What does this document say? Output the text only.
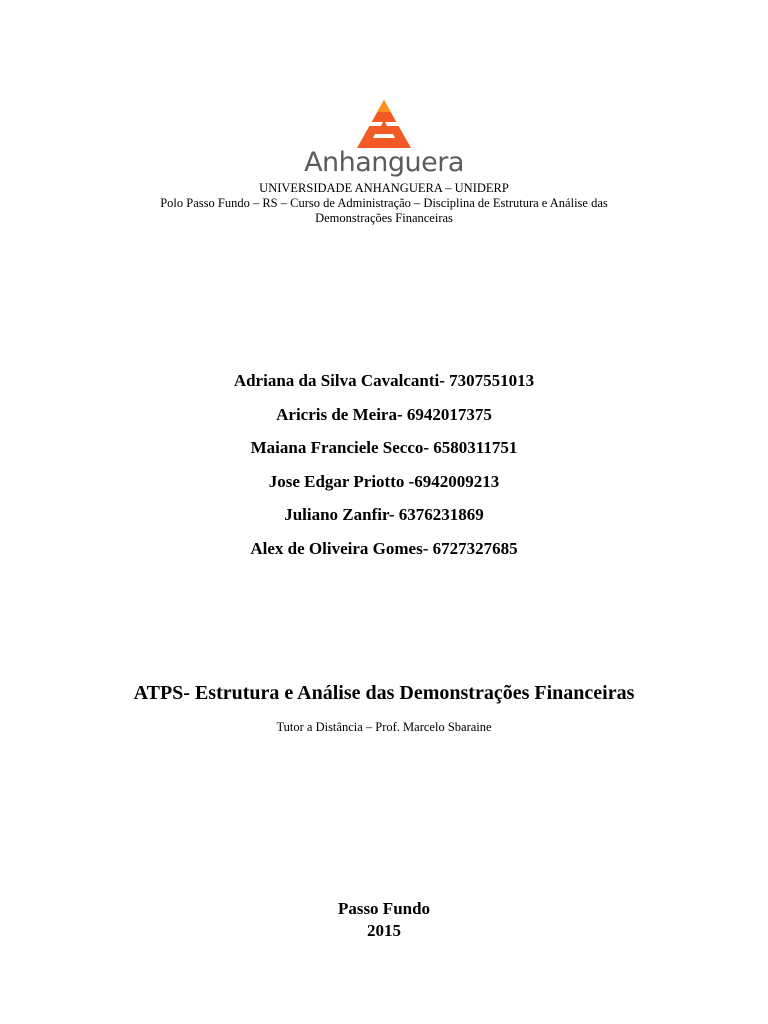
Anhanguera

UNIVERSIDADE ANHANGUERA – UNIDERP

Polo Passo Fundo – RS – Curso de Administração – Disciplina de Estrutura e Análise das

Demonstrações Financeiras

Adriana da Silva Cavalcanti- 7307551013

Aricris de Meira- 6942017375

Maiana Franciele Secco- 6580311751

Jose Edgar Priotto -6942009213

Juliano Zanfir- 6376231869

Alex de Oliveira Gomes- 6727327685

ATPS- Estrutura e Análise das Demonstrações Financeiras

Tutor a Distância – Prof. Marcelo Sbaraine

Passo Fundo

2015
